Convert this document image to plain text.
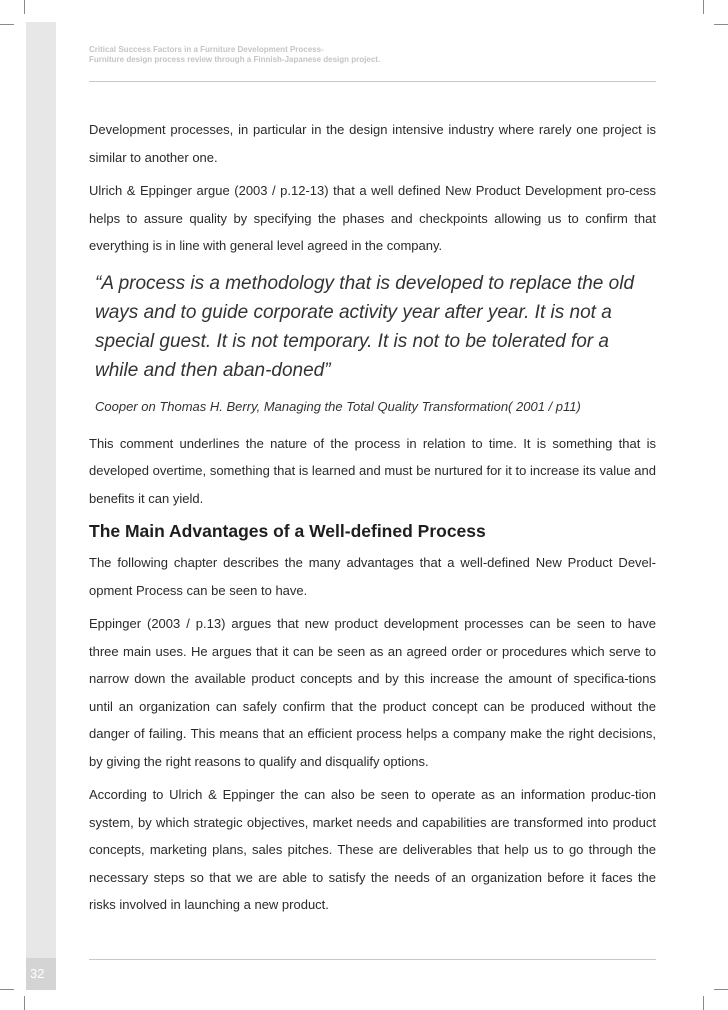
32
Critical Success Factors in a Furniture Development Process-
Furniture design process review through a Finnish-Japanese design project.

Development processes, in particular in the design intensive industry where rarely one project is similar to another one.

Ulrich & Eppinger argue (2003 / p.12-13) that a well defined New Product Development pro-cess helps to assure quality by specifying the phases and checkpoints allowing us to confirm that everything is in line with general level agreed in the company.

“A process is a methodology that is developed to replace the old ways and to guide corporate activity year after year. It is not a special guest. It is not temporary. It is not to be tolerated for a while and then aban-doned”
Cooper on Thomas H. Berry, Managing the Total Quality Transformation( 2001 / p11)

This comment underlines the nature of the process in relation to time. It is something that is developed overtime, something that is learned and must be nurtured for it to increase its value and benefits it can yield.

The Main Advantages of a Well-defined Process

The following chapter describes the many advantages that a well-defined New Product Devel-opment Process can be seen to have.

Eppinger (2003 / p.13) argues that new product development processes can be seen to have three main uses. He argues that it can be seen as an agreed order or procedures which serve to narrow down the available product concepts and by this increase the amount of specifica-tions until an organization can safely confirm that the product concept can be produced without the danger of failing. This means that an efficient process helps a company make the right decisions, by giving the right reasons to qualify and disqualify options.

According to Ulrich & Eppinger the can also be seen to operate as an information produc-tion system, by which strategic objectives, market needs and capabilities are transformed into product concepts, marketing plans, sales pitches. These are deliverables that help us to go through the necessary steps so that we are able to satisfy the needs of an organization before it faces the risks involved in launching a new product.
